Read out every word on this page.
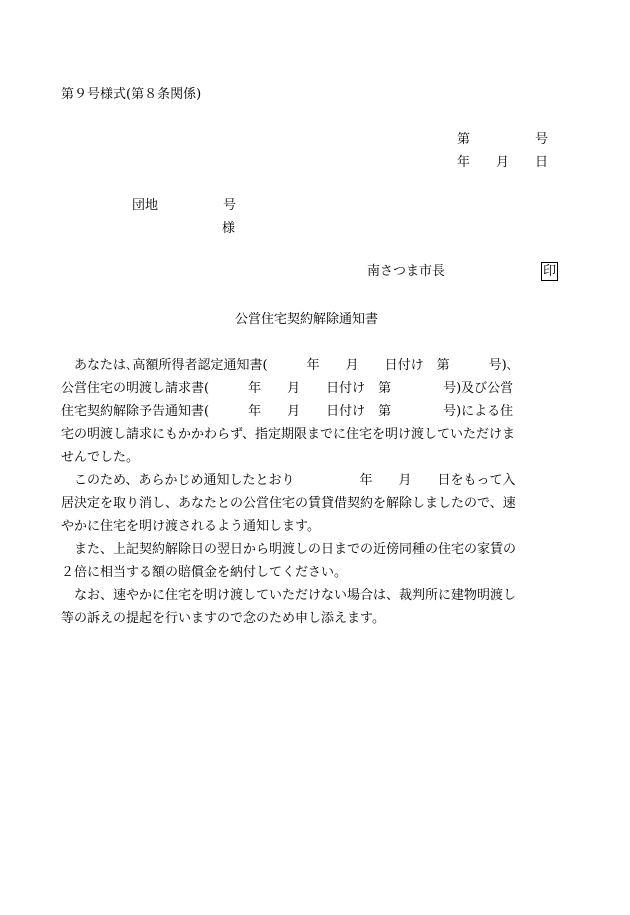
第９号様式(第８条関係)
第　　　　　号
年　　月　　日
団地　　　　　号
様
南さつま市長	印
公営住宅契約解除通知書
　あなたは､高額所得者認定通知書(　　　年　　月　　日付け　第　　　号)､
公営住宅の明渡し請求書(　　　年　　月　　日付け　第　　　　号)及び公営
住宅契約解除予告通知書(　　　年　　月　　日付け　第　　　　号)による住
宅の明渡し請求にもかかわらず、指定期限までに住宅を明け渡していただけま
せんでした。
　このため、あらかじめ通知したとおり　　　　　年　　月　　日をもって入
居決定を取り消し、あなたとの公営住宅の賃貸借契約を解除しましたので、速
やかに住宅を明け渡されるよう通知します。
　また、上記契約解除日の翌日から明渡しの日までの近傍同種の住宅の家賃の
２倍に相当する額の賠償金を納付してください。
　なお、速やかに住宅を明け渡していただけない場合は、裁判所に建物明渡し
等の訴えの提起を行いますので念のため申し添えます。
